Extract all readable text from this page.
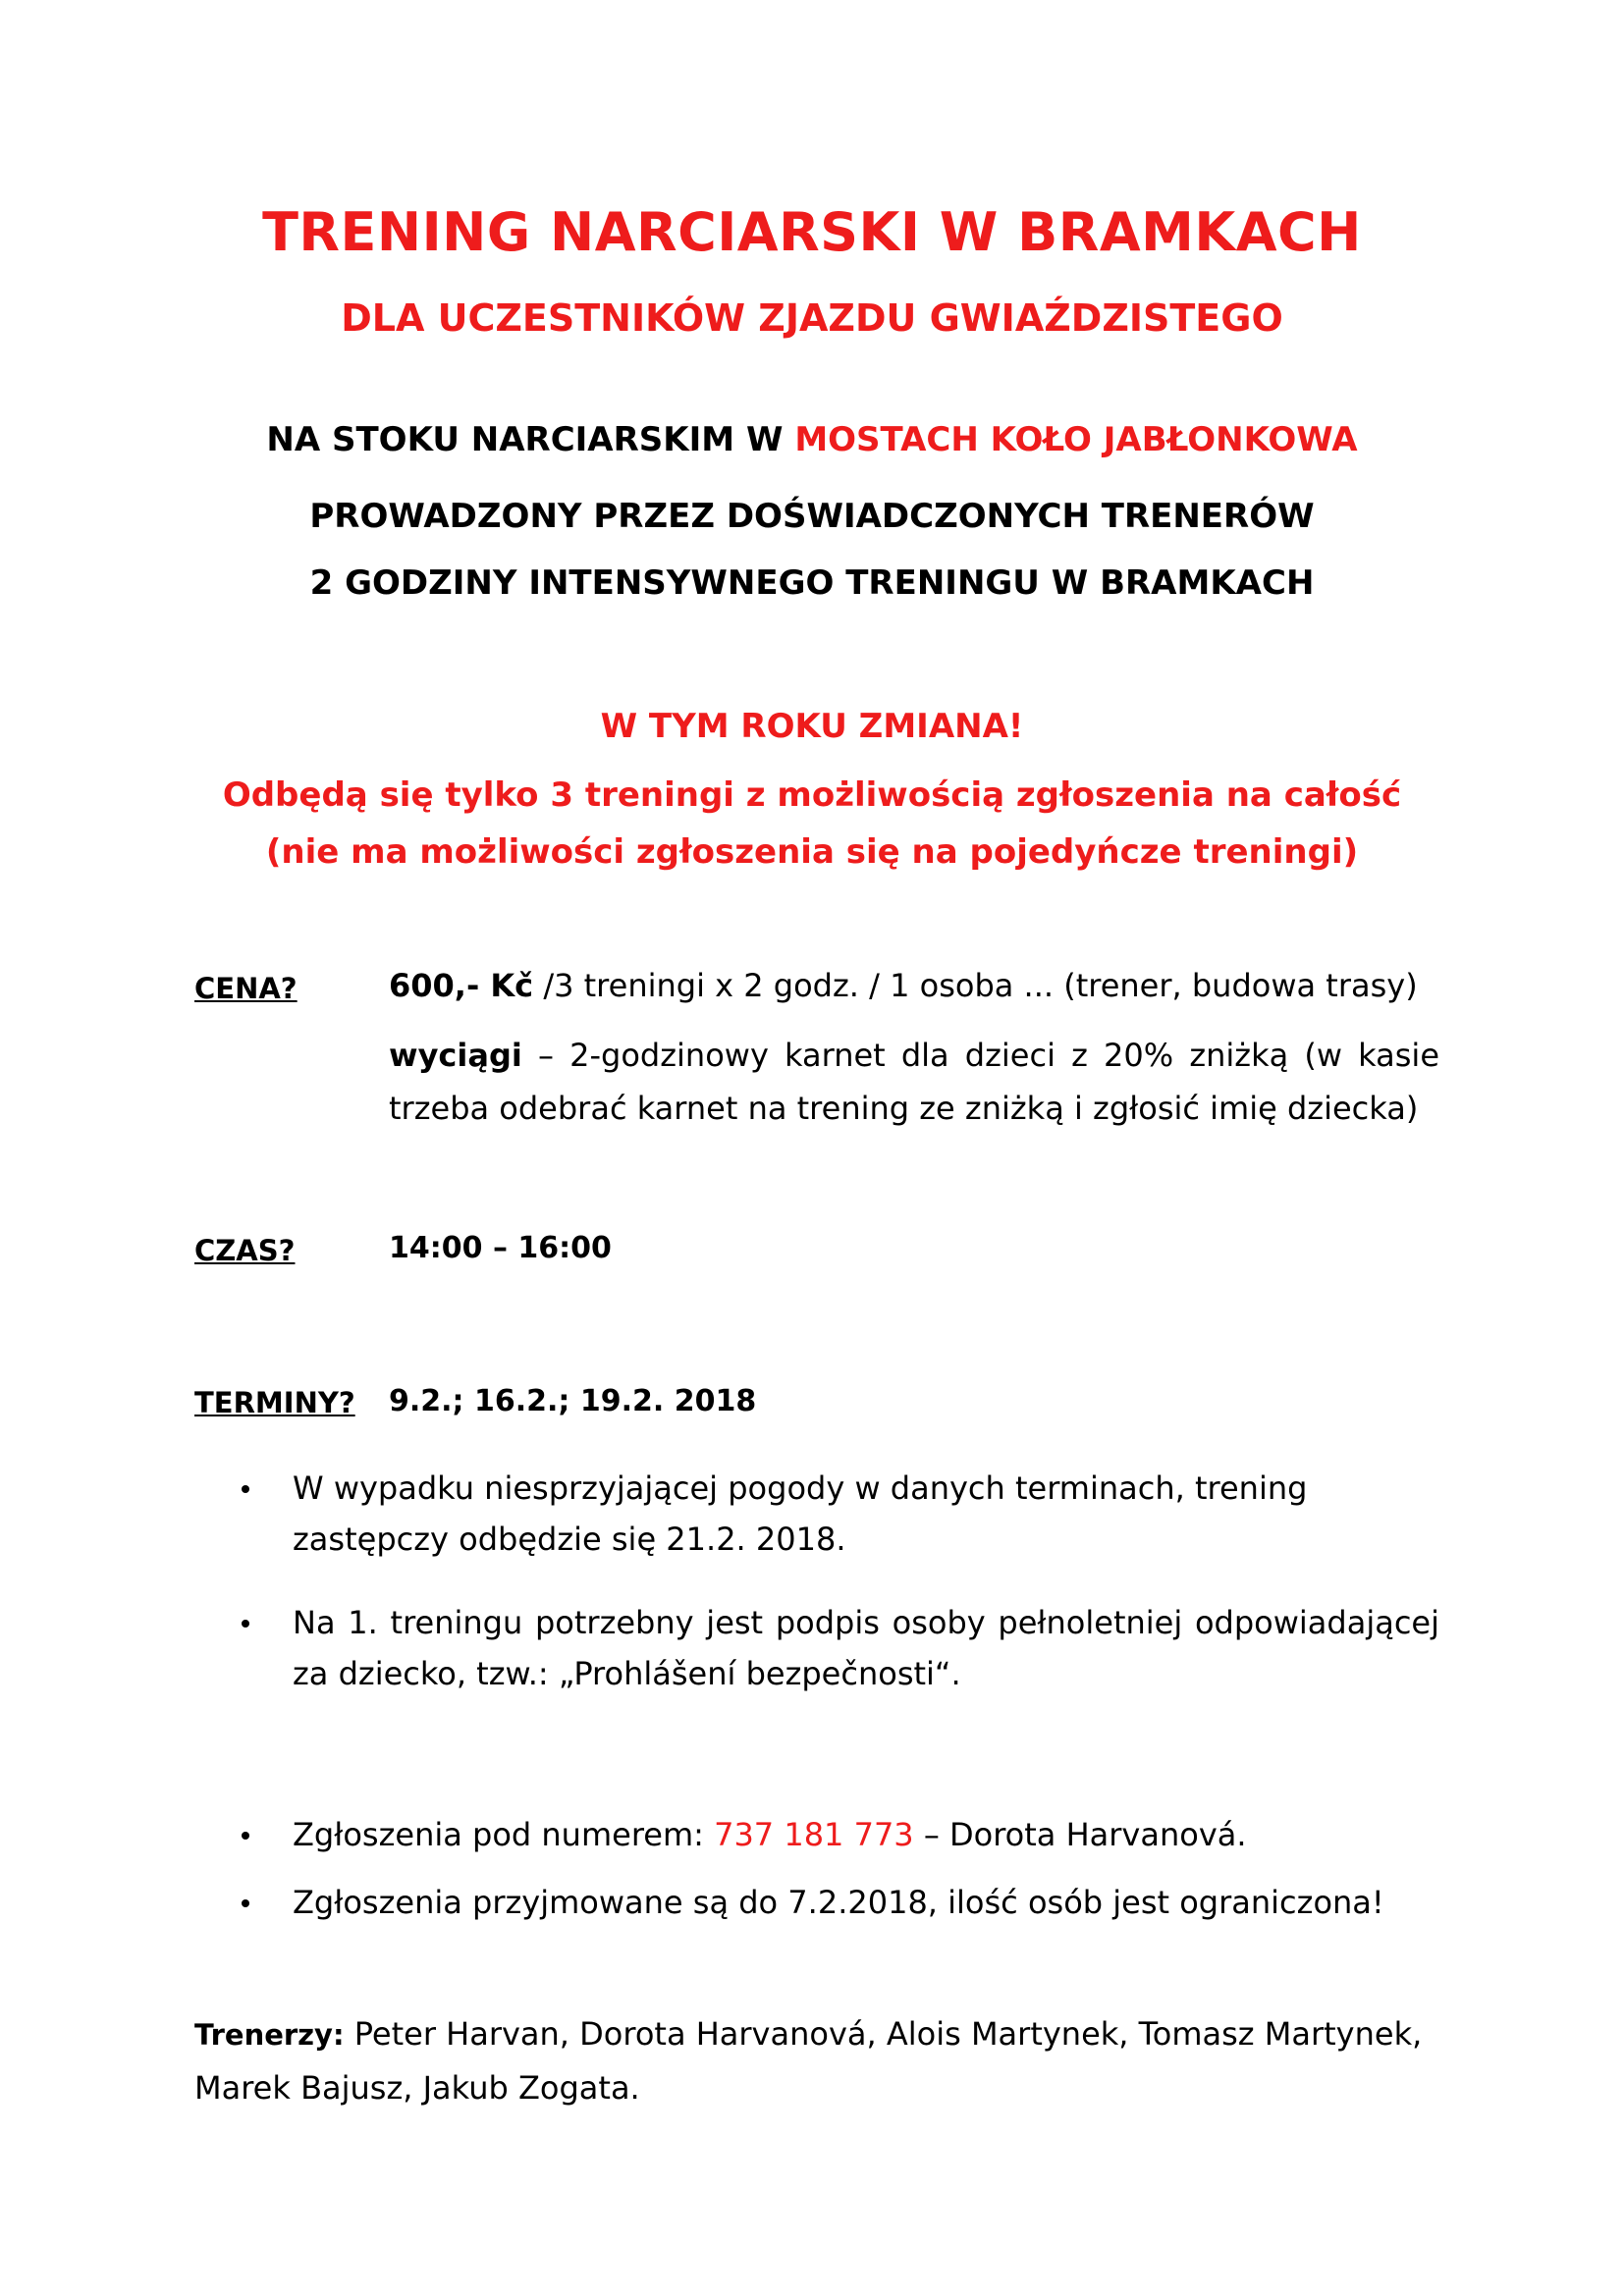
TRENING NARCIARSKI W BRAMKACH
DLA UCZESTNIKÓW ZJAZDU GWIAŹDZISTEGO
NA STOKU NARCIARSKIM W MOSTACH KOŁO JABŁONKOWA
PROWADZONY PRZEZ DOŚWIADCZONYCH TRENERÓW
2 GODZINY INTENSYWNEGO TRENINGU W BRAMKACH
W TYM ROKU ZMIANA!
Odbędą się tylko 3 treningi z możliwością zgłoszenia na całość
(nie ma możliwości zgłoszenia się na pojedyńcze treningi)
CENA?	600,- Kč /3 treningi x 2 godz. / 1 osoba ... (trener, budowa trasy)
wyciągi – 2-godzinowy karnet dla dzieci z 20% zniżką (w kasie trzeba odebrać karnet na trening ze zniżką i zgłosić imię dziecka)
CZAS?	14:00 – 16:00
TERMINY? 9.2.; 16.2.; 19.2. 2018
W wypadku niesprzyjającej pogody w danych terminach, trening zastępczy odbędzie się 21.2. 2018.
Na 1. treningu potrzebny jest podpis osoby pełnoletniej odpowiadającej za dziecko, tzw.: „Prohlášení bezpečnosti“.
Zgłoszenia pod numerem: 737 181 773 – Dorota Harvanová.
Zgłoszenia przyjmowane są do 7.2.2018, ilość osób jest ograniczona!
Trenerzy: Peter Harvan, Dorota Harvanová, Alois Martynek, Tomasz Martynek, Marek Bajusz, Jakub Zogata.
